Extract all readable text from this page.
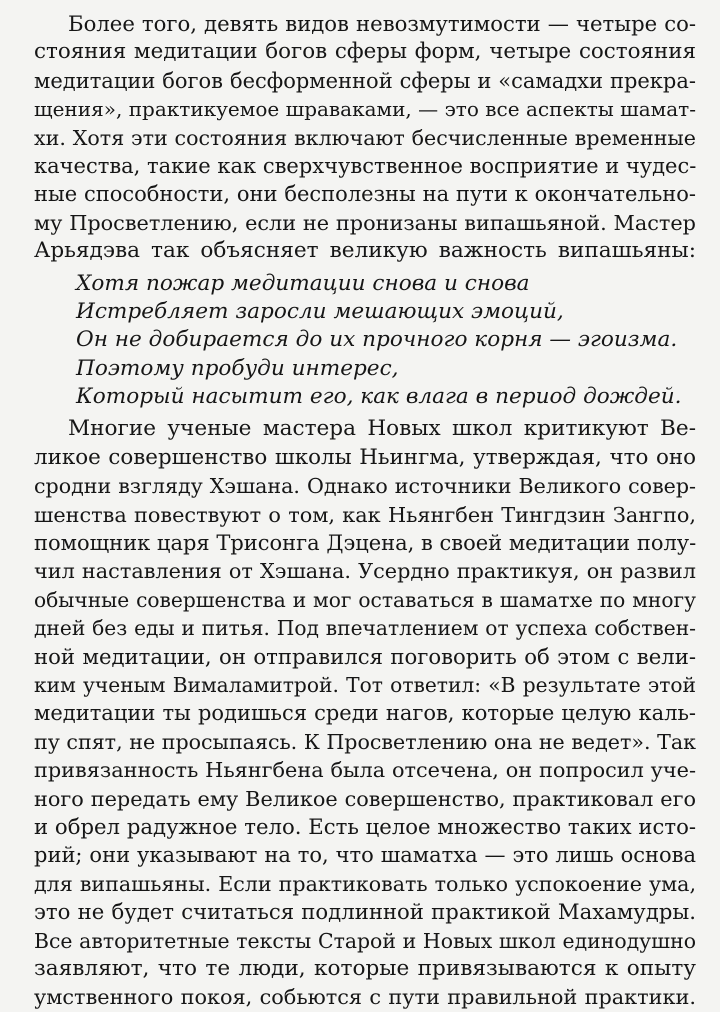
Более того, девять видов невозмутимости — четыре со-
стояния медитации богов сферы форм, четыре состояния
медитации богов бесформенной сферы и «самадхи прекра-
щения», практикуемое шраваками, — это все аспекты шамат-
хи. Хотя эти состояния включают бесчисленные временные
качества, такие как сверхчувственное восприятие и чудес-
ные способности, они бесполезны на пути к окончательно-
му Просветлению, если не пронизаны випашьяной. Мастер
Арьядэва так объясняет великую важность випашьяны:
Хотя пожар медитации снова и снова
Истребляет заросли мешающих эмоций,
Он не добирается до их прочного корня — эгоизма.
Поэтому пробуди интерес,
Который насытит его, как влага в период дождей.
Многие ученые мастера Новых школ критикуют Ве-
ликое совершенство школы Ньингма, утверждая, что оно
сродни взгляду Хэшана. Однако источники Великого совер-
шенства повествуют о том, как Ньянгбен Тингдзин Зангпо,
помощник царя Трисонга Дэцена, в своей медитации полу-
чил наставления от Хэшана. Усердно практикуя, он развил
обычные совершенства и мог оставаться в шаматхе по многу
дней без еды и питья. Под впечатлением от успеха собствен-
ной медитации, он отправился поговорить об этом с вели-
ким ученым Вималамитрой. Тот ответил: «В результате этой
медитации ты родишься среди нагов, которые целую каль-
пу спят, не просыпаясь. К Просветлению она не ведет». Так
привязанность Ньянгбена была отсечена, он попросил уче-
ного передать ему Великое совершенство, практиковал его
и обрел радужное тело. Есть целое множество таких исто-
рий; они указывают на то, что шаматха — это лишь основа
для випашьяны. Если практиковать только успокоение ума,
это не будет считаться подлинной практикой Махамудры.
Все авторитетные тексты Старой и Новых школ единодушно
заявляют, что те люди, которые привязываются к опыту
умственного покоя, собьются с пути правильной практики.
